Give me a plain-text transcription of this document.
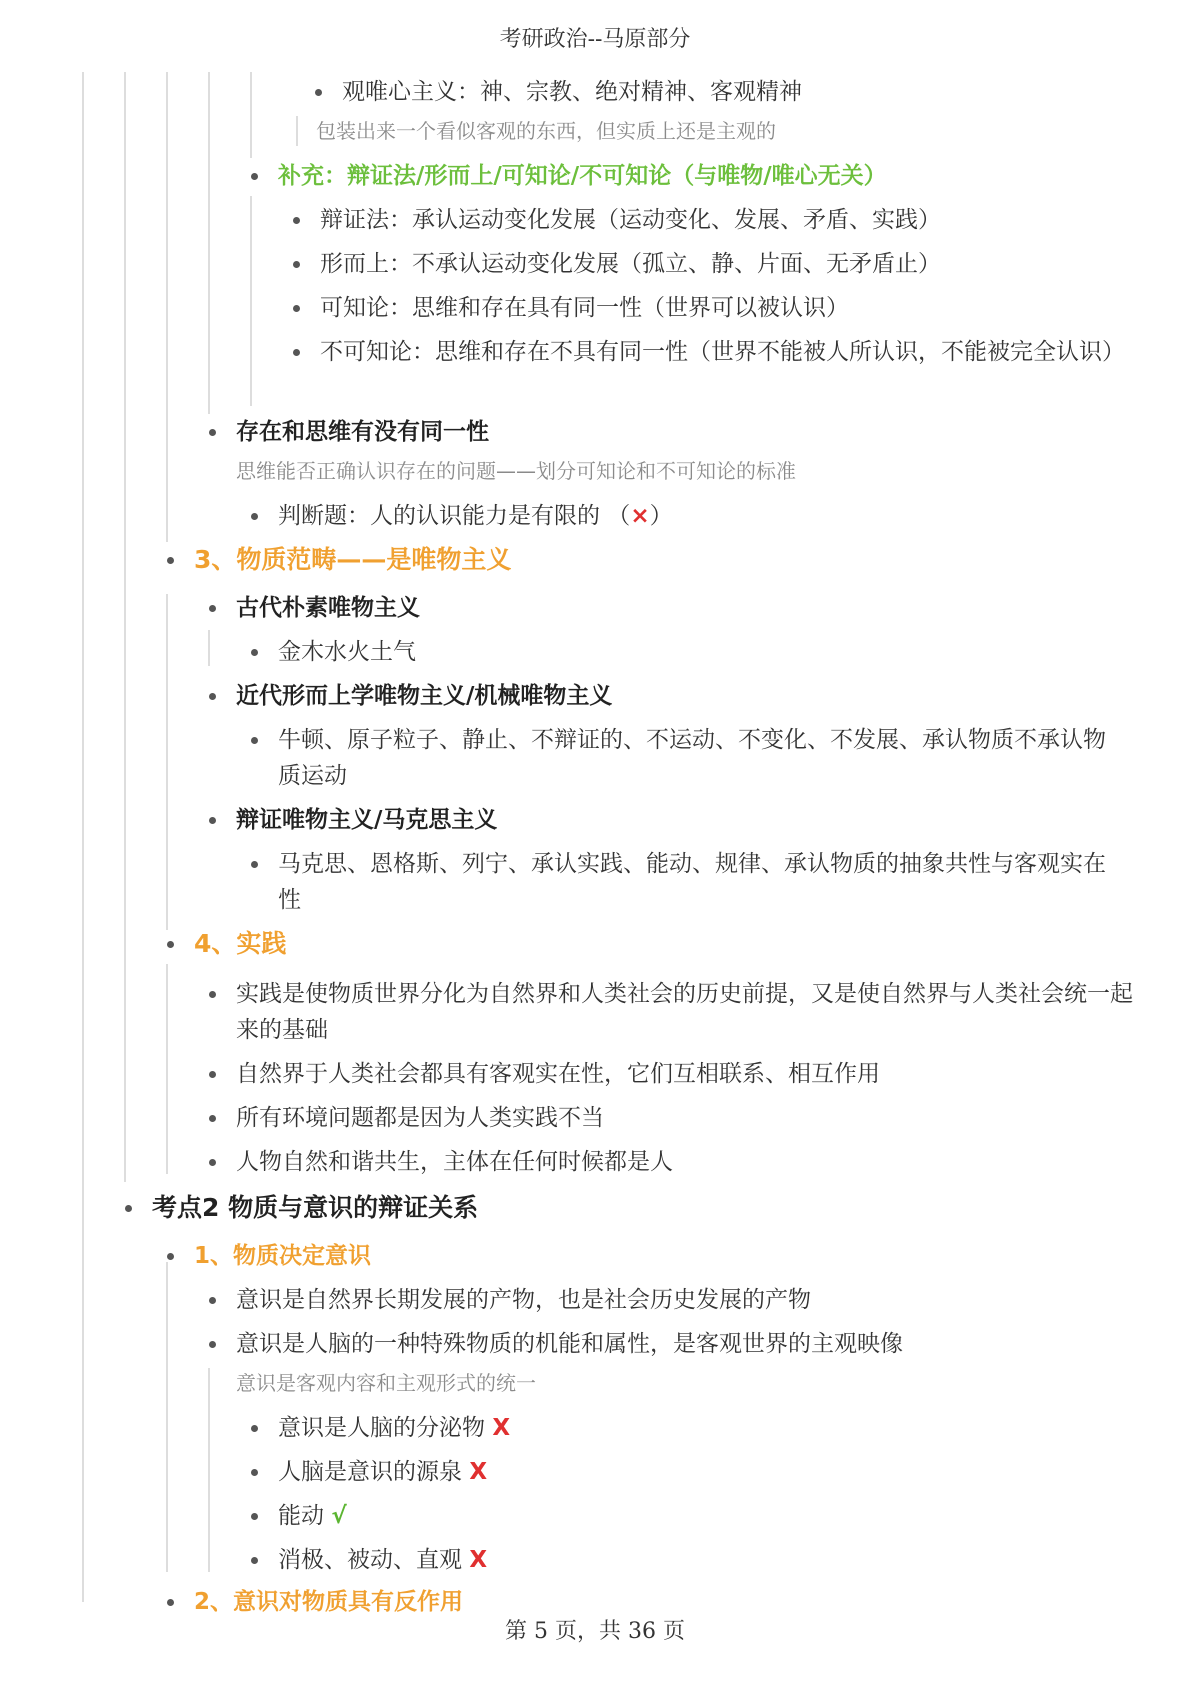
考研政治--马原部分
观唯心主义：神、宗教、绝对精神、客观精神
包装出来一个看似客观的东西，但实质上还是主观的
补充：辩证法/形而上/可知论/不可知论（与唯物/唯心无关）
辩证法：承认运动变化发展（运动变化、发展、矛盾、实践）
形而上：不承认运动变化发展（孤立、静、片面、无矛盾止）
可知论：思维和存在具有同一性（世界可以被认识）
不可知论：思维和存在不具有同一性（世界不能被人所认识，不能被完全认识）
存在和思维有没有同一性
思维能否正确认识存在的问题——划分可知论和不可知论的标准
判断题：人的认识能力是有限的 （×）
3、物质范畴——是唯物主义
古代朴素唯物主义
金木水火土气
近代形而上学唯物主义/机械唯物主义
牛顿、原子粒子、静止、不辩证的、不运动、不变化、不发展、承认物质不承认物质运动
辩证唯物主义/马克思主义
马克思、恩格斯、列宁、承认实践、能动、规律、承认物质的抽象共性与客观实在性
4、实践
实践是使物质世界分化为自然界和人类社会的历史前提，又是使自然界与人类社会统一起来的基础
自然界于人类社会都具有客观实在性，它们互相联系、相互作用
所有环境问题都是因为人类实践不当
人物自然和谐共生，主体在任何时候都是人
考点2 物质与意识的辩证关系
1、物质决定意识
意识是自然界长期发展的产物，也是社会历史发展的产物
意识是人脑的一种特殊物质的机能和属性，是客观世界的主观映像
意识是客观内容和主观形式的统一
意识是人脑的分泌物 X
人脑是意识的源泉 X
能动 √
消极、被动、直观 X
2、意识对物质具有反作用
第 5 页，共 36 页
